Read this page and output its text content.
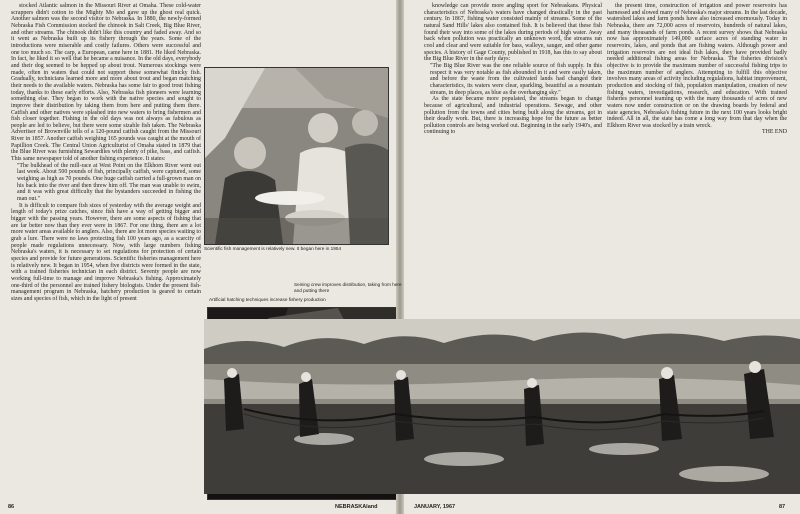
stocked Atlantic salmon in the Missouri River at Omaha. These cold-water scrappers didn't cotton to the Mighty Mo and gave up the ghost real quick. Another salmon was the second visitor to Nebraska. In 1880, the newly-formed Nebraska Fish Commission stocked the chinook in Salt Creek, Big Blue River, and other streams. The chinook didn't like this country and faded away. And so it went as Nebraska built up its fishery through the years. Some of the introductions were miserable and costly failures. Others were successful and one too much so. The carp, a European, came here in 1881. He liked Nebraska. In fact, he liked it so well that he became a nuisance. In the old days, everybody and their dog seemed to be hepped up about trout. Numerous stockings were made, often in waters that could not support these somewhat finicky fish. Gradually, technicians learned more and more about trout and began matching their needs to the available waters. Nebraska has some fair to good trout fishing today, thanks to these early efforts. Also, Nebraska fish pioneers were learning something else. They began to work with the native species and sought to improve their distribution by taking them from here and putting them there. Catfish and other natives were splashed into new waters to bring fishermen and fish closer together. Fishing in the old days was not always as fabulous as people are led to believe, but there were some sizable fish taken. The Nebraska Advertiser of Brownville tells of a 120-pound catfish caught from the Missouri River in 1857. Another catfish weighing 165 pounds was caught at the mouth of Papillion Creek. The Central Union Agriculturist of Omaha stated in 1879 that the Blue River was furnishing Sewardites with plenty of pike, bass, and catfish. This same newspaper told of another fishing experience. It states:

"The bulkhead of the mill-race at West Point on the Elkhorn River went out last week. About 500 pounds of fish, principally catfish, were captured, some weighing as high as 70 pounds. One huge catfish carried a full-grown man on his back into the river and then threw him off. The man was unable to swim, and it was with great difficulty that the bystanders succeeded in fishing the man out."

It is difficult to compare fish sizes of yesterday with the average weight and length of today's prize catches, since fish have a way of getting bigger and bigger with the passing years. However, there are some aspects of fishing that are far better now than they ever were in 1867. For one thing, there are a lot more water areas available to anglers. Also, there are lot more species waiting to grab a lure. There were no laws protecting fish 100 years ago, as a scarcity of people made regulations unnecessary. Now, with large numbers fishing Nebraska's waters, it is necessary to set regulations for protection of certain species and provide for future generations. Scientific fisheries management here is relatively new. It began in 1954, when five districts were formed in the state, with a trained fisheries technician in each district. Seventy people are now working full-time to manage and improve Nebraska's fishing. Approximately one-third of the personnel are trained fishery biologists. Under the present fish-management program in Nebraska, hatchery production is geared to certain sizes and species of fish, which in the light of present

Scientific fish management is relatively new. It began here in 1954
Artificial hatching techniques increase fishery production
86	NEBRASKAland

knowledge can provide more angling sport for Nebraskans. Physical characteristics of Nebraska's waters have changed drastically in the past century. In 1867, fishing water consisted mainly of streams. Some of the natural Sand Hills' lakes also contained fish. It is believed that these fish found their way into some of the lakes during periods of high water. Away back when pollution was practically an unknown word, the streams ran cool and clear and were suitable for bass, walleye, sauger, and other game species. A history of Gage County, published in 1918, has this to say about the Big Blue River in the early days:

"The Big Blue River was the one reliable source of fish supply. In this respect it was very notable as fish abounded in it and were easily taken, and before the waste from the cultivated lands had changed their characteristics, its waters were clear, sparkling, beautiful as a mountain stream, in deep places, as blue as the overhanging sky."

As the state became more populated, the streams began to change because of agricultural, and industrial operations. Sewage, and other pollution from the towns and cities being built along the streams, got in their deadly work. But, there is increasing hope for the future as better pollution controls are being worked out. Beginning in the early 1940's, and continuing to

the present time, construction of irrigation and power reservoirs has harnessed and slowed many of Nebraska's major streams. In the last decade, watershed lakes and farm ponds have also increased enormously. Today in Nebraska, there are 72,000 acres of reservoirs, hundreds of natural lakes, and many thousands of farm ponds. A recent survey shows that Nebraska now has approximately 149,000 surface acres of standing water in reservoirs, lakes, and ponds that are fishing waters. Although power and irrigation reservoirs are not ideal fish lakes, they have provided badly needed additional fishing areas for Nebraska. The fisheries division's objective is to provide the maximum number of successful fishing trips to the maximum number of anglers. Attempting to fulfill this objective involves many areas of activity including regulations, habitat improvement, production and stocking of fish, population manipulation, creation of new fishing waters, investigations, research, and education. With trained fisheries personnel teaming up with the many thousands of acres of new waters now under construction or on the drawing boards by federal and state agencies, Nebraska's fishing future in the next 100 years looks bright indeed. All in all, the state has come a long way from that day when the Elkhorn River was stocked by a train wreck.

THE END

Seining crew improves distribution, taking from here and putting there
JANUARY, 1967	87
